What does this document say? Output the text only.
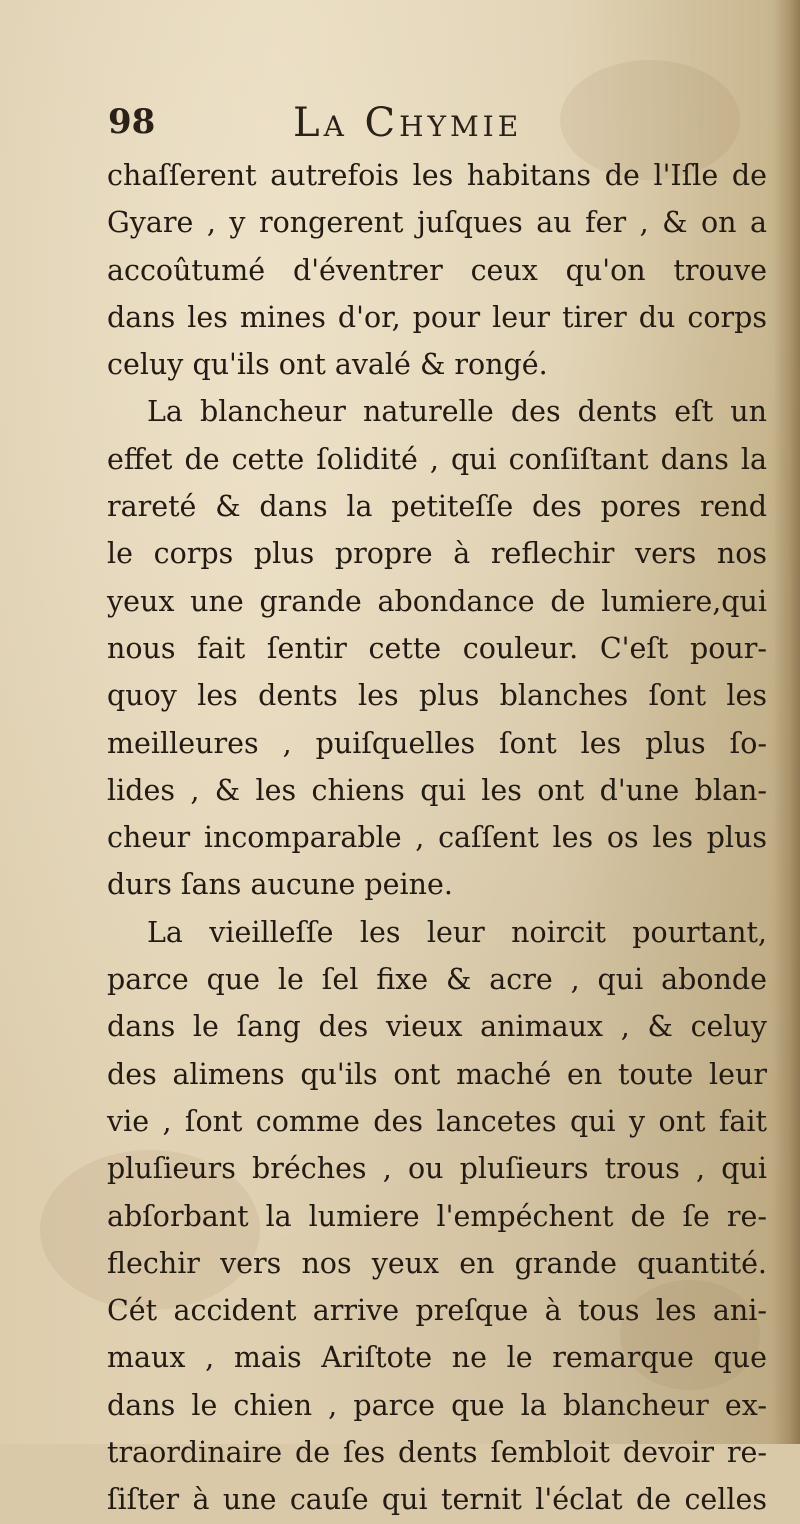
98	La Chymie
chaſſerent autrefois les habitans de l'Iſle de
Gyare , y rongerent juſques au fer , & on a
accoûtumé d'éventrer ceux qu'on trouve
dans les mines d'or, pour leur tirer du corps
celuy qu'ils ont avalé & rongé.
La blancheur naturelle des dents eſt un
effet de cette ſolidité , qui conſiſtant dans la
rareté & dans la petiteſſe des pores rend
le corps plus propre à reflechir vers nos
yeux une grande abondance de lumiere,qui
nous fait ſentir cette couleur. C'eſt pour-
quoy les dents les plus blanches ſont les
meilleures , puiſquelles ſont les plus ſo-
lides , & les chiens qui les ont d'une blan-
cheur incomparable , caſſent les os les plus
durs ſans aucune peine.
La vieilleſſe les leur noircit pourtant,
parce que le ſel fixe & acre , qui abonde
dans le ſang des vieux animaux , & celuy
des alimens qu'ils ont maché en toute leur
vie , ſont comme des lancetes qui y ont fait
pluſieurs bréches , ou pluſieurs trous , qui
abſorbant la lumiere l'empéchent de ſe re-
flechir vers nos yeux en grande quantité.
Cét accident arrive preſque à tous les ani-
maux , mais Ariſtote ne le remarque que
dans le chien , parce que la blancheur ex-
traordinaire de ſes dents ſembloit devoir re-
ſiſter à une cauſe qui ternit l'éclat de celles
